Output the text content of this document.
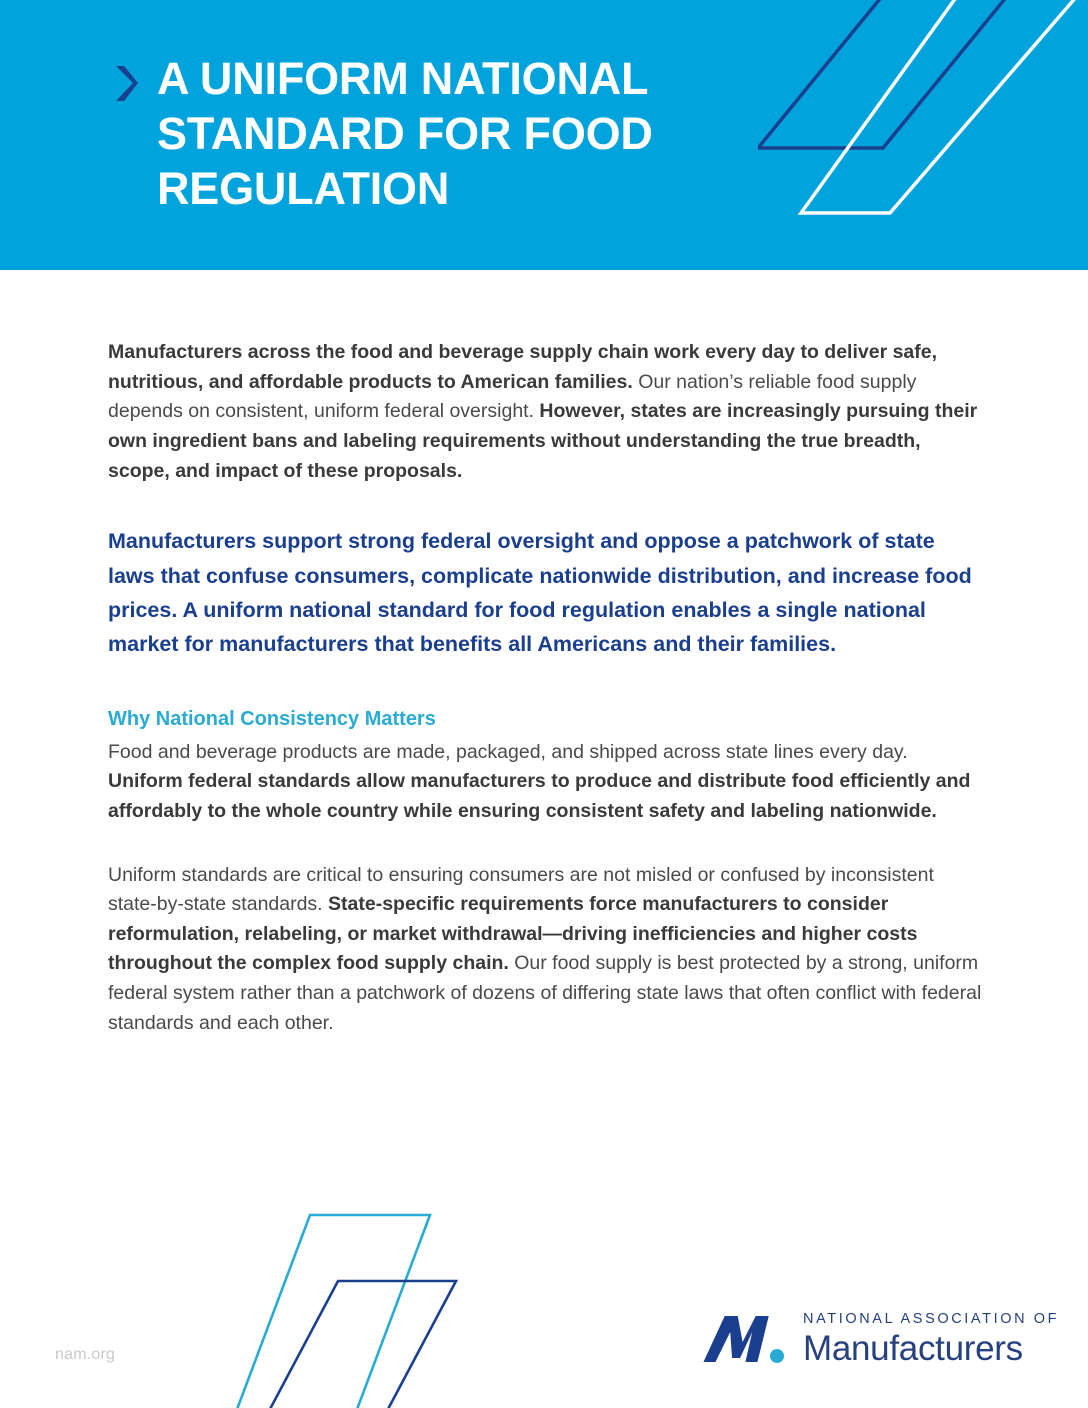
A UNIFORM NATIONAL STANDARD FOR FOOD REGULATION

Manufacturers across the food and beverage supply chain work every day to deliver safe, nutritious, and affordable products to American families. Our nation’s reliable food supply depends on consistent, uniform federal oversight. However, states are increasingly pursuing their own ingredient bans and labeling requirements without understanding the true breadth, scope, and impact of these proposals.

Manufacturers support strong federal oversight and oppose a patchwork of state laws that confuse consumers, complicate nationwide distribution, and increase food prices. A uniform national standard for food regulation enables a single national market for manufacturers that benefits all Americans and their families.

Why National Consistency Matters

Food and beverage products are made, packaged, and shipped across state lines every day. Uniform federal standards allow manufacturers to produce and distribute food efficiently and affordably to the whole country while ensuring consistent safety and labeling nationwide.

Uniform standards are critical to ensuring consumers are not misled or confused by inconsistent state-by-state standards. State-specific requirements force manufacturers to consider reformulation, relabeling, or market withdrawal—driving inefficiencies and higher costs throughout the complex food supply chain. Our food supply is best protected by a strong, uniform federal system rather than a patchwork of dozens of differing state laws that often conflict with federal standards and each other.

nam.org
NATIONAL ASSOCIATION OF
Manufacturers
